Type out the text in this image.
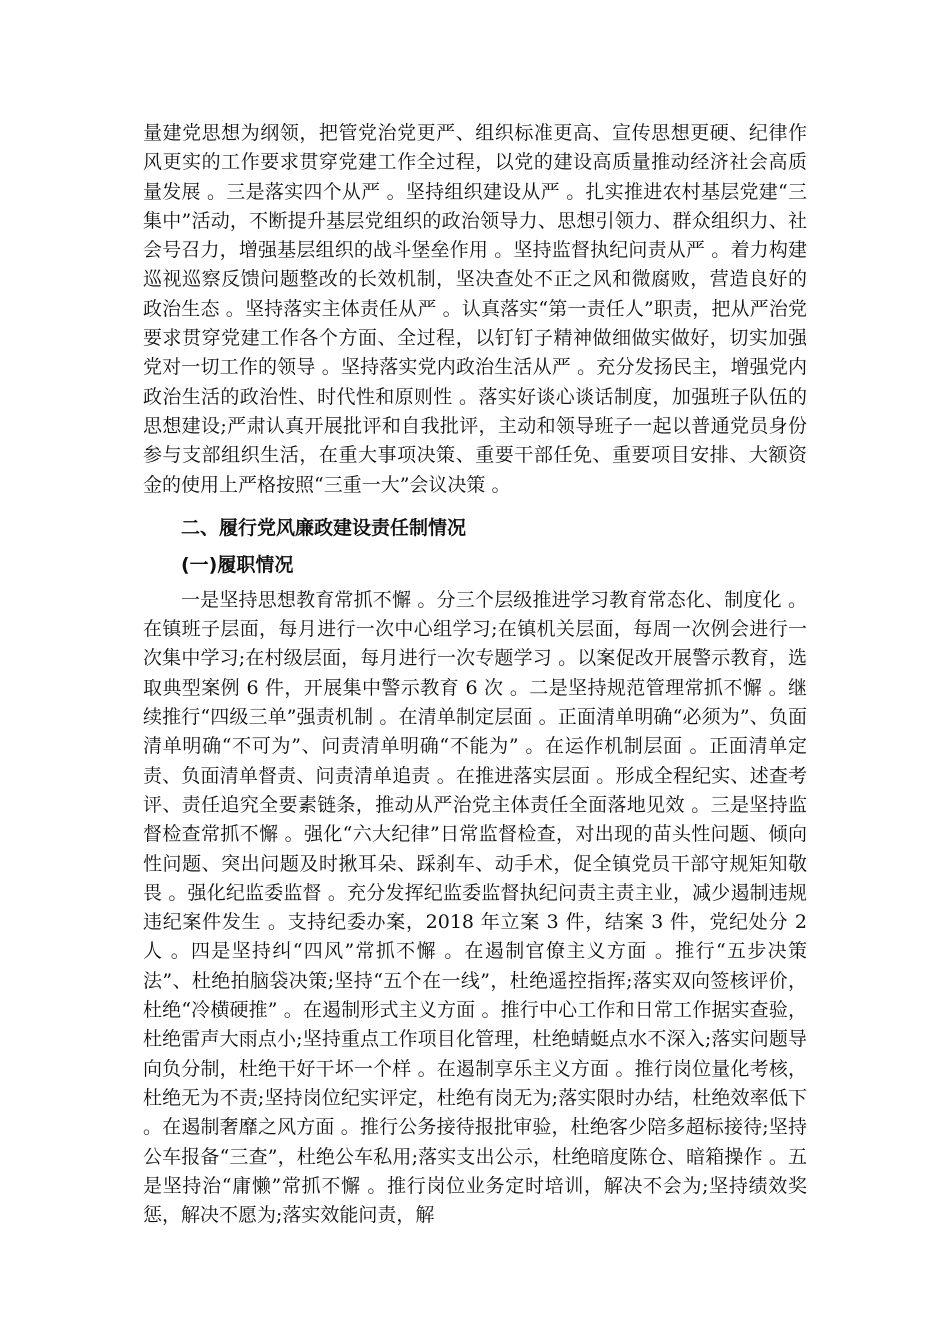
量建党思想为纲领，把管党治党更严、组织标准更高、宣传思想更硬、纪律作风更实的工作要求贯穿党建工作全过程，以党的建设高质量推动经济社会高质量发展 。三是落实四个从严 。坚持组织建设从严 。扎实推进农村基层党建“三集中”活动，不断提升基层党组织的政治领导力、思想引领力、群众组织力、社会号召力，增强基层组织的战斗堡垒作用 。坚持监督执纪问责从严 。着力构建巡视巡察反馈问题整改的长效机制，坚决查处不正之风和微腐败，营造良好的政治生态 。坚持落实主体责任从严 。认真落实“第一责任人”职责，把从严治党要求贯穿党建工作各个方面、全过程，以钉钉子精神做细做实做好，切实加强党对一切工作的领导 。坚持落实党内政治生活从严 。充分发扬民主，增强党内政治生活的政治性、时代性和原则性 。落实好谈心谈话制度，加强班子队伍的思想建设;严肃认真开展批评和自我批评，主动和领导班子一起以普通党员身份参与支部组织生活，在重大事项决策、重要干部任免、重要项目安排、大额资金的使用上严格按照“三重一大”会议决策 。

二、履行党风廉政建设责任制情况

(一)履职情况

一是坚持思想教育常抓不懈 。分三个层级推进学习教育常态化、制度化 。在镇班子层面，每月进行一次中心组学习;在镇机关层面，每周一次例会进行一次集中学习;在村级层面，每月进行一次专题学习 。以案促改开展警示教育，选取典型案例 6 件，开展集中警示教育 6 次 。二是坚持规范管理常抓不懈 。继续推行“四级三单”强责机制 。在清单制定层面 。正面清单明确“必须为”、负面清单明确“不可为”、问责清单明确“不能为” 。在运作机制层面 。正面清单定责、负面清单督责、问责清单追责 。在推进落实层面 。形成全程纪实、述查考评、责任追究全要素链条，推动从严治党主体责任全面落地见效 。三是坚持监督检查常抓不懈 。强化“六大纪律”日常监督检查，对出现的苗头性问题、倾向性问题、突出问题及时揪耳朵、踩刹车、动手术，促全镇党员干部守规矩知敬畏 。强化纪监委监督 。充分发挥纪监委监督执纪问责主责主业，减少遏制违规违纪案件发生 。支持纪委办案，2018 年立案 3 件，结案 3 件，党纪处分 2 人 。四是坚持纠“四风”常抓不懈 。在遏制官僚主义方面 。推行“五步决策法”、杜绝拍脑袋决策;坚持“五个在一线”，杜绝遥控指挥;落实双向签核评价，杜绝“冷横硬推” 。在遏制形式主义方面 。推行中心工作和日常工作据实查验，杜绝雷声大雨点小;坚持重点工作项目化管理，杜绝蜻蜓点水不深入;落实问题导向负分制，杜绝干好干坏一个样 。在遏制享乐主义方面 。推行岗位量化考核，杜绝无为不责;坚持岗位纪实评定，杜绝有岗无为;落实限时办结，杜绝效率低下 。在遏制奢靡之风方面 。推行公务接待报批审验，杜绝客少陪多超标接待;坚持公车报备“三查”，杜绝公车私用;落实支出公示，杜绝暗度陈仓、暗箱操作 。五是坚持治“庸懒”常抓不懈 。推行岗位业务定时培训，解决不会为;坚持绩效奖惩，解决不愿为;落实效能问责，解
